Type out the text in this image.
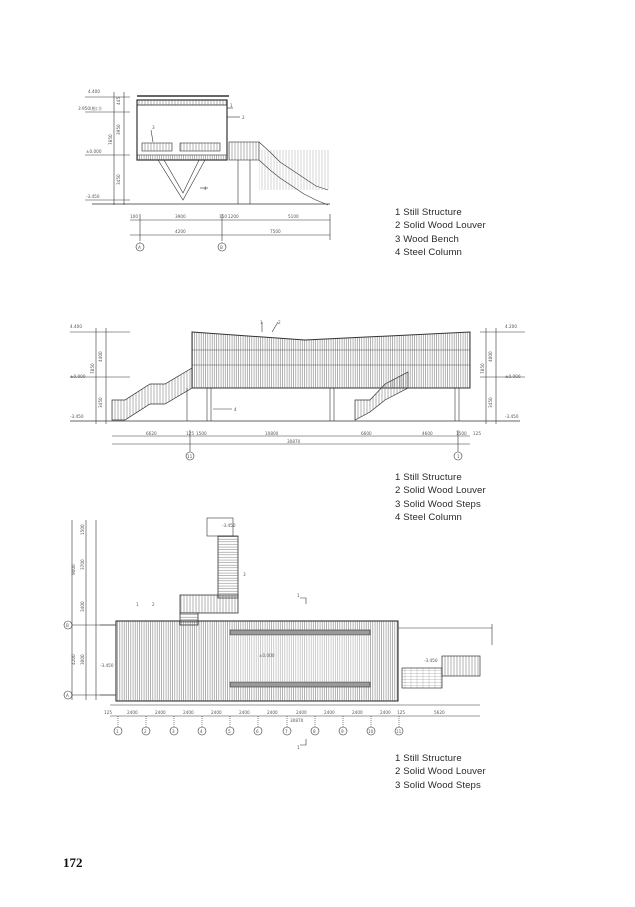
4.400
3.950(檐口)
±0.000
-3.450
445
3950
7850
3450
100	3900	150 1200	5100
4200	7500
A	B
1
2
3
4
4.400
±0.000
-3.450
4.200
±0.000
-3.450
4400
7850
3450
4000
7850
3450
6620	125 1500	10800	6600	4600	1500 125
30870
11	1
1	2
4
-3.450
±0.000
-3.450
-3.450
1500
3700
9000
3400
4200 3000
125	2400	2400	2400	2400	2400	2400	2400	2400	2400	2400 125	5620
30870
1	2	3	4	5	6	7	8	9	10	11
B
A
1	2
3
1
1
1 Still Structure
2 Solid Wood Louver
3 Wood Bench
4 Steel Column
1 Still Structure
2 Solid Wood Louver
3 Solid Wood Steps
4 Steel Column
1 Still Structure
2 Solid Wood Louver
3 Solid Wood Steps
172
